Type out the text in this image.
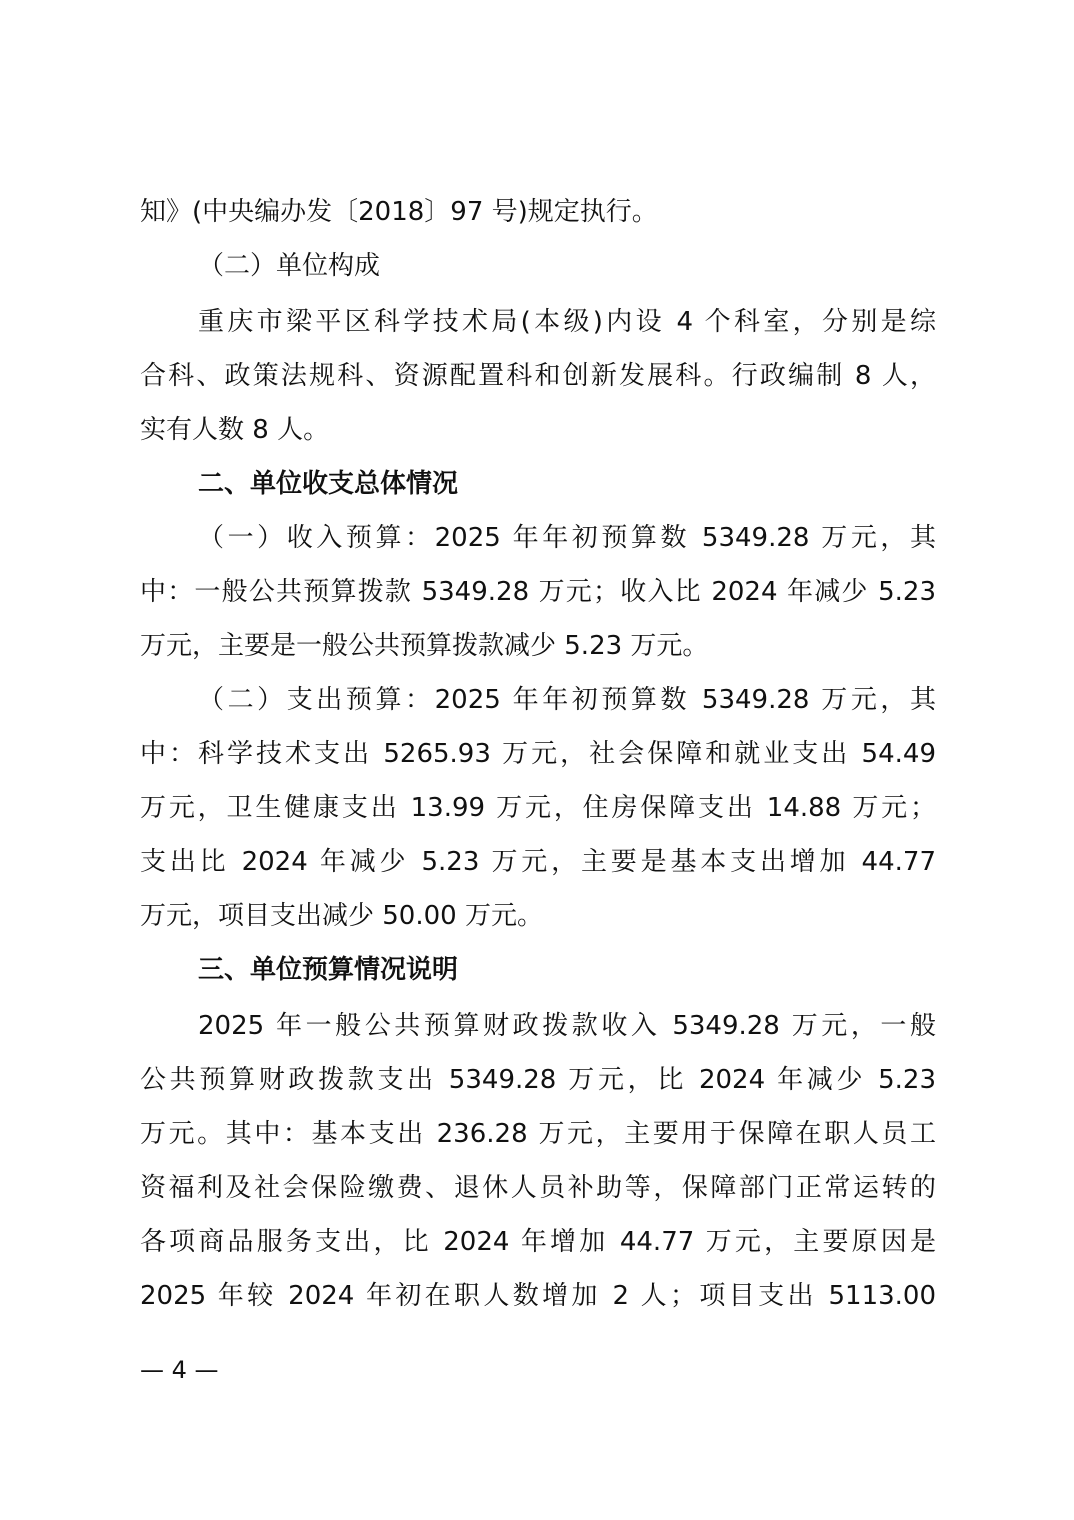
知》(中央编办发〔2018〕97 号)规定执行。
（二）单位构成
重庆市梁平区科学技术局(本级)内设 4 个科室，分别是综
合科、政策法规科、资源配置科和创新发展科。行政编制 8 人，
实有人数 8 人。
二、单位收支总体情况
（一）收入预算：2025 年年初预算数 5349.28 万元，其
中：一般公共预算拨款 5349.28 万元；收入比 2024 年减少 5.23
万元，主要是一般公共预算拨款减少 5.23 万元。
（二）支出预算：2025 年年初预算数 5349.28 万元，其
中：科学技术支出 5265.93 万元，社会保障和就业支出 54.49
万元，卫生健康支出 13.99 万元，住房保障支出 14.88 万元；
支出比 2024 年减少 5.23 万元，主要是基本支出增加 44.77
万元，项目支出减少 50.00 万元。
三、单位预算情况说明
2025 年一般公共预算财政拨款收入 5349.28 万元，一般
公共预算财政拨款支出 5349.28 万元，比 2024 年减少 5.23
万元。其中：基本支出 236.28 万元，主要用于保障在职人员工
资福利及社会保险缴费、退休人员补助等，保障部门正常运转的
各项商品服务支出，比 2024 年增加 44.77 万元，主要原因是
2025 年较 2024 年初在职人数增加 2 人；项目支出 5113.00
— 4 —
